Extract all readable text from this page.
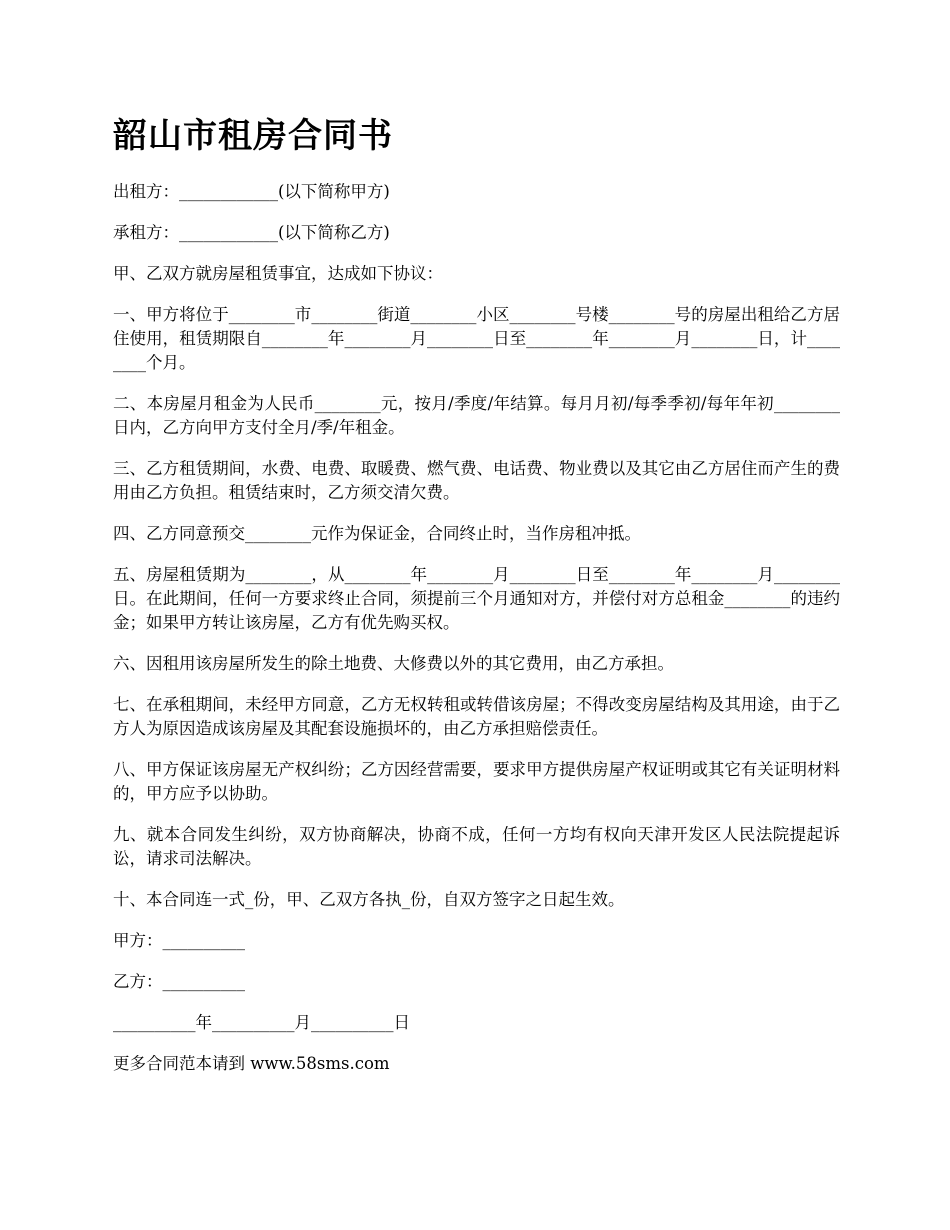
韶山市租房合同书

出租方：____________(以下简称甲方)

承租方：____________(以下简称乙方)

甲、乙双方就房屋租赁事宜，达成如下协议：

一、甲方将位于________市________街道________小区________号楼________号的房屋出租给乙方居住使用，租赁期限自________年________月________日至________年________月________日，计________个月。

二、本房屋月租金为人民币________元，按月/季度/年结算。每月月初/每季季初/每年年初________日内，乙方向甲方支付全月/季/年租金。

三、乙方租赁期间，水费、电费、取暖费、燃气费、电话费、物业费以及其它由乙方居住而产生的费用由乙方负担。租赁结束时，乙方须交清欠费。

四、乙方同意预交________元作为保证金，合同终止时，当作房租冲抵。

五、房屋租赁期为________，从________年________月________日至________年________月________日。在此期间，任何一方要求终止合同，须提前三个月通知对方，并偿付对方总租金________的违约金；如果甲方转让该房屋，乙方有优先购买权。

六、因租用该房屋所发生的除土地费、大修费以外的其它费用，由乙方承担。

七、在承租期间，未经甲方同意，乙方无权转租或转借该房屋；不得改变房屋结构及其用途，由于乙方人为原因造成该房屋及其配套设施损坏的，由乙方承担赔偿责任。

八、甲方保证该房屋无产权纠纷；乙方因经营需要，要求甲方提供房屋产权证明或其它有关证明材料的，甲方应予以协助。

九、就本合同发生纠纷，双方协商解决，协商不成，任何一方均有权向天津开发区人民法院提起诉讼，请求司法解决。

十、本合同连一式_份，甲、乙双方各执_份，自双方签字之日起生效。

甲方：__________

乙方：__________

__________年__________月__________日

更多合同范本请到 www.58sms.com
